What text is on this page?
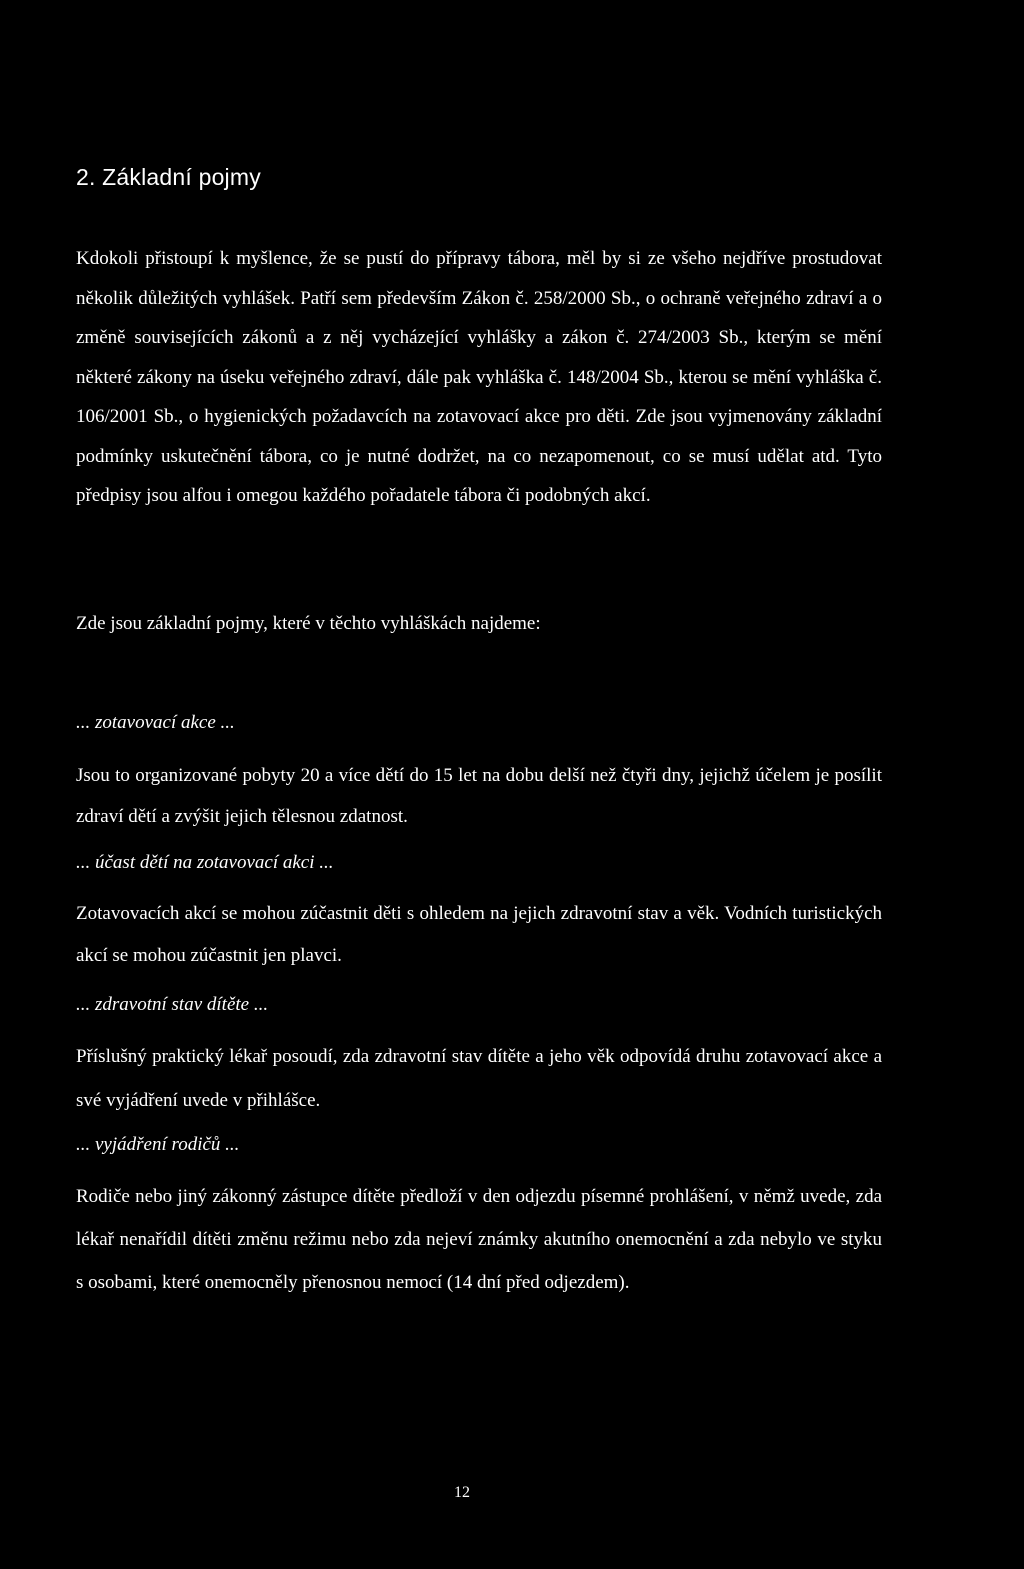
2. Základní pojmy

Kdokoli přistoupí k myšlence, že se pustí do přípravy tábora, měl by si ze všeho nejdříve prostudovat několik důležitých vyhlášek. Patří sem především Zákon č. 258/2000 Sb., o ochraně veřejného zdraví a o změně souvisejících zákonů a z něj vycházející vyhlášky a zákon č. 274/2003 Sb., kterým se mění některé zákony na úseku veřejného zdraví, dále pak vyhláška č. 148/2004 Sb., kterou se mění vyhláška č. 106/2001 Sb., o hygienických požadavcích na zotavovací akce pro děti. Zde jsou vyjmenovány základní podmínky uskutečnění tábora, co je nutné dodržet, na co nezapomenout, co se musí udělat atd. Tyto předpisy jsou alfou i omegou každého pořadatele tábora či podobných akcí.

Zde jsou základní pojmy, které v těchto vyhláškách najdeme:

... zotavovací akce ...

Jsou to organizované pobyty 20 a více dětí do 15 let na dobu delší než čtyři dny, jejichž účelem je posílit zdraví dětí a zvýšit jejich tělesnou zdatnost.

... účast dětí na zotavovací akci ...

Zotavovacích akcí se mohou zúčastnit děti s ohledem na jejich zdravotní stav a věk. Vodních turistických akcí se mohou zúčastnit jen plavci.

... zdravotní stav dítěte ...

Příslušný praktický lékař posoudí, zda zdravotní stav dítěte a jeho věk odpovídá druhu zotavovací akce a své vyjádření uvede v přihlášce.

... vyjádření rodičů ...

Rodiče nebo jiný zákonný zástupce dítěte předloží v den odjezdu písemné prohlášení, v němž uvede, zda lékař nenařídil dítěti změnu režimu nebo zda nejeví známky akutního onemocnění a zda nebylo ve styku s osobami, které onemocněly přenosnou nemocí (14 dní před odjezdem).

12
